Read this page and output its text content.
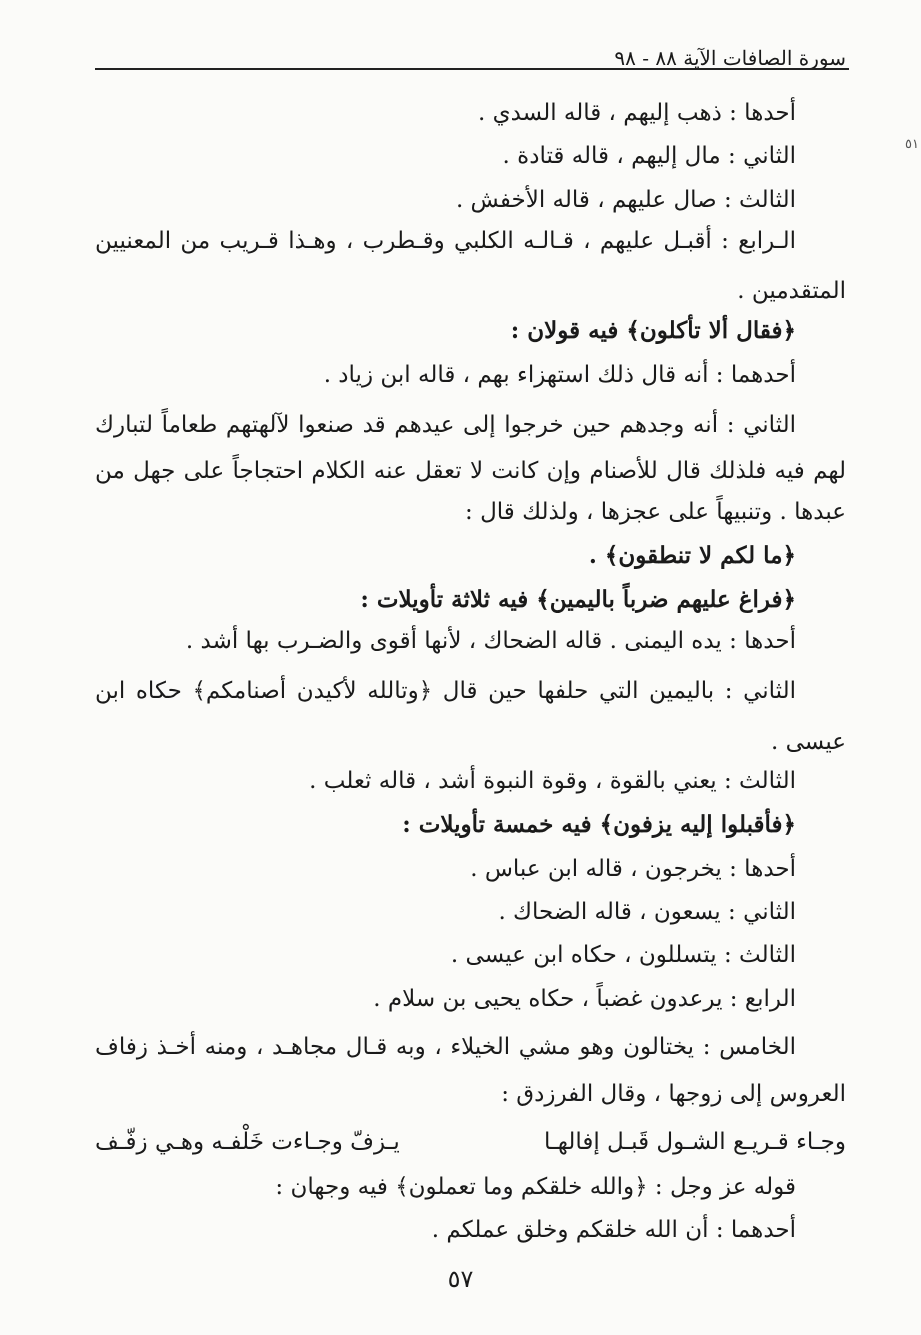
سورة الصافات الآية ٨٨ - ٩٨
٥١
أحدها : ذهب إليهم ، قاله السدي .
الثاني : مال إليهم ، قاله قتادة .
الثالث : صال عليهم ، قاله الأخفش .
الـرابع : أقبـل عليهم ، قـالـه الكلبي وقـطرب ، وهـذا قـريب من المعنيين
المتقدمين .
﴿فقال ألا تأكلون﴾ فيه قولان :
أحدهما : أنه قال ذلك استهزاء بهم ، قاله ابن زياد .
الثاني : أنه وجدهم حين خرجوا إلى عيدهم قد صنعوا لآلهتهم طعاماً لتبارك
لهم فيه فلذلك قال للأصنام وإن كانت لا تعقل عنه الكلام احتجاجاً على جهل من
عبدها . وتنبيهاً على عجزها ، ولذلك قال :
﴿ما لكم لا تنطقون﴾ .
﴿فراغ عليهم ضرباً باليمين﴾ فيه ثلاثة تأويلات :
أحدها : يده اليمنى . قاله الضحاك ، لأنها أقوى والضـرب بها أشد .
الثاني : باليمين التي حلفها حين قال ﴿وتالله لأكيدن أصنامكم﴾ حكاه ابن
عيسى .
الثالث : يعني بالقوة ، وقوة النبوة أشد ، قاله ثعلب .
﴿فأقبلوا إليه يزفون﴾ فيه خمسة تأويلات :
أحدها : يخرجون ، قاله ابن عباس .
الثاني : يسعون ، قاله الضحاك .
الثالث : يتسللون ، حكاه ابن عيسى .
الرابع : يرعدون غضباً ، حكاه يحيى بن سلام .
الخامس : يختالون وهو مشي الخيلاء ، وبه قـال مجاهـد ، ومنه أخـذ زفاف
العروس إلى زوجها ، وقال الفرزدق :
وجـاء قـريـع الشـول قَبـل إفالهـا
يـزفّ وجـاءت خَلْفـه وهـي زفّـف
قوله عز وجل : ﴿والله خلقكم وما تعملون﴾ فيه وجهان :
أحدهما : أن الله خلقكم وخلق عملكم .
٥٧
